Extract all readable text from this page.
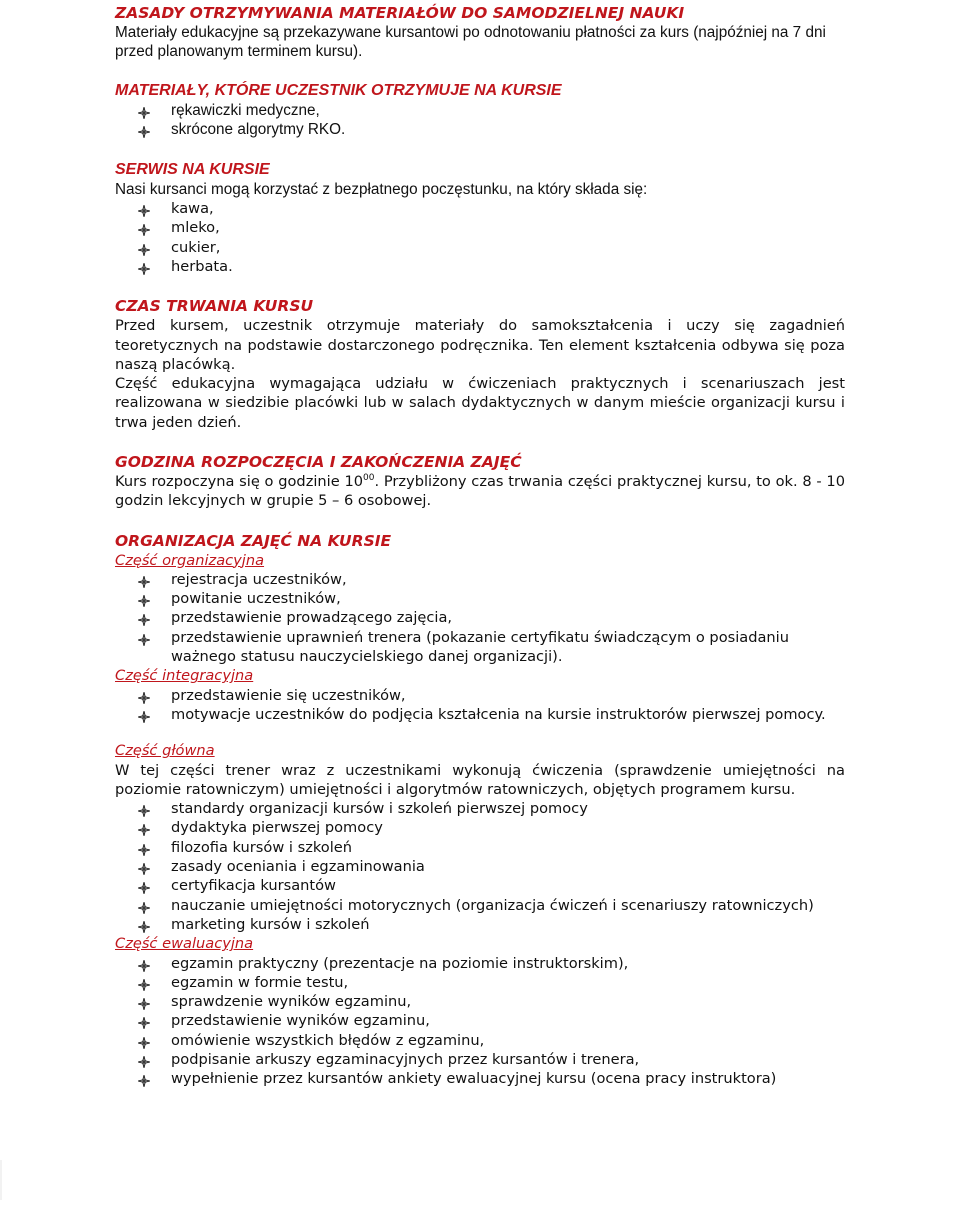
ZASADY OTRZYMYWANIA MATERIAŁÓW DO SAMODZIELNEJ NAUKI

Materiały edukacyjne są przekazywane kursantowi po odnotowaniu płatności za kurs (najpóźniej na 7 dni przed planowanym terminem kursu).

MATERIAŁY, KTÓRE UCZESTNIK OTRZYMUJE NA KURSIE
rękawiczki medyczne,
skrócone algorytmy RKO.
SERWIS NA KURSIE

Nasi kursanci mogą korzystać z bezpłatnego poczęstunku, na który składa się:

kawa,
mleko,
cukier,
herbata.
CZAS TRWANIA KURSU

Przed kursem, uczestnik otrzymuje materiały do samokształcenia i uczy się zagadnień teoretycznych na podstawie dostarczonego podręcznika. Ten element kształcenia odbywa się poza naszą placówką.

Część edukacyjna wymagająca udziału w ćwiczeniach praktycznych i scenariuszach jest realizowana w siedzibie placówki lub w salach dydaktycznych w danym mieście organizacji kursu i trwa jeden dzień.

GODZINA ROZPOCZĘCIA I ZAKOŃCZENIA ZAJĘĆ

Kurs rozpoczyna się o godzinie $10^{00}$. Przybliżony czas trwania części praktycznej kursu, to ok. 8 - 10 godzin lekcyjnych w grupie 5 – 6 osobowej.

ORGANIZACJA ZAJĘĆ NA KURSIE

Część organizacyjna

rejestracja uczestników,
powitanie uczestników,
przedstawienie prowadzącego zajęcia,
przedstawienie uprawnień trenera (pokazanie certyfikatu świadczącym o posiadaniu ważnego statusu nauczycielskiego danej organizacji).

Część integracyjna

przedstawienie się uczestników,
motywacje uczestników do podjęcia kształcenia na kursie instruktorów pierwszej pomocy.

Część główna

W tej części trener wraz z uczestnikami wykonują ćwiczenia (sprawdzenie umiejętności na poziomie ratowniczym) umiejętności i algorytmów ratowniczych, objętych programem kursu.

standardy organizacji kursów i szkoleń pierwszej pomocy
dydaktyka pierwszej pomocy
filozofia kursów i szkoleń
zasady oceniania i egzaminowania
certyfikacja kursantów
nauczanie umiejętności motorycznych (organizacja ćwiczeń i scenariuszy ratowniczych)
marketing kursów i szkoleń

Część ewaluacyjna

egzamin praktyczny (prezentacje na poziomie instruktorskim),
egzamin w formie testu,
sprawdzenie wyników egzaminu,
przedstawienie wyników egzaminu,
omówienie wszystkich błędów z egzaminu,
podpisanie arkuszy egzaminacyjnych przez kursantów i trenera,
wypełnienie przez kursantów ankiety ewaluacyjnej kursu (ocena pracy instruktora)
